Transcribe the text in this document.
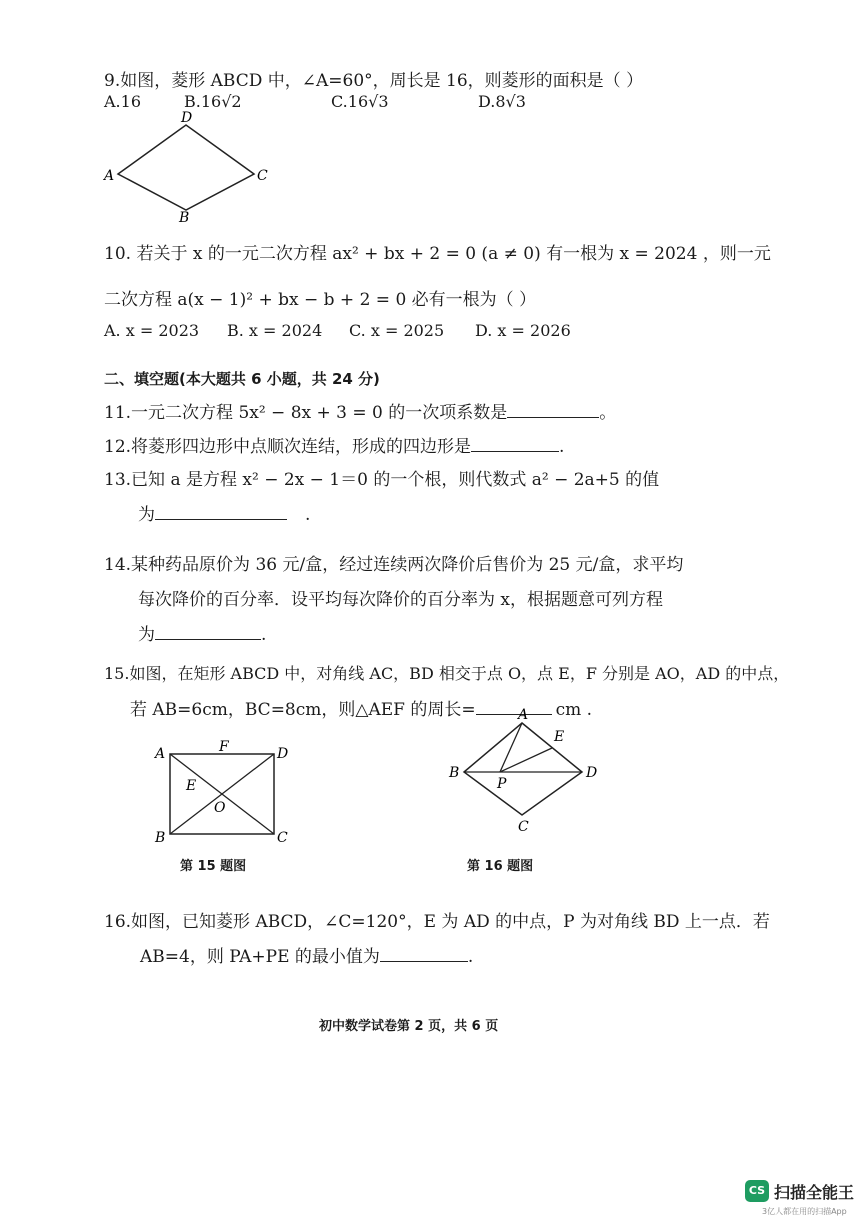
9.如图，菱形 ABCD 中，∠A=60°，周长是 16，则菱形的面积是（ ）
A.16	B.16√2	C.16√3	D.8√3
D
A	C
B
10. 若关于 x 的一元二次方程 ax² + bx + 2 = 0 (a ≠ 0) 有一根为 x = 2024 ，则一元
二次方程 a(x − 1)² + bx − b + 2 = 0 必有一根为（ ）
A. x = 2023 B. x = 2024 C. x = 2025 D. x = 2026
二、填空题(本大题共 6 小题，共 24 分)
11.一元二次方程 5x² − 8x + 3 = 0 的一次项系数是	。
12.将菱形四边形中点顺次连结，形成的四边形是	.
13.已知 a 是方程 x² − 2x − 1＝0 的一个根，则代数式 a² − 2a+5 的值
为	.
14.某种药品原价为 36 元/盒，经过连续两次降价后售价为 25 元/盒，求平均
每次降价的百分率．设平均每次降价的百分率为 x，根据题意可列方程
为	.
15.如图，在矩形 ABCD 中，对角线 AC，BD 相交于点 O，点 E，F 分别是 AO，AD 的中点，
若 AB=6cm，BC=8cm，则△AEF 的周长=	cm .
A	D
B	C
F
E
O
第 15 题图
A
E
B	D
P
C
第 16 题图
16.如图，已知菱形 ABCD，∠C=120°，E 为 AD 的中点，P 为对角线 BD 上一点．若
AB=4，则 PA+PE 的最小值为	.
初中数学试卷第 2 页，共 6 页
CS 扫描全能王
3亿人都在用的扫描App
